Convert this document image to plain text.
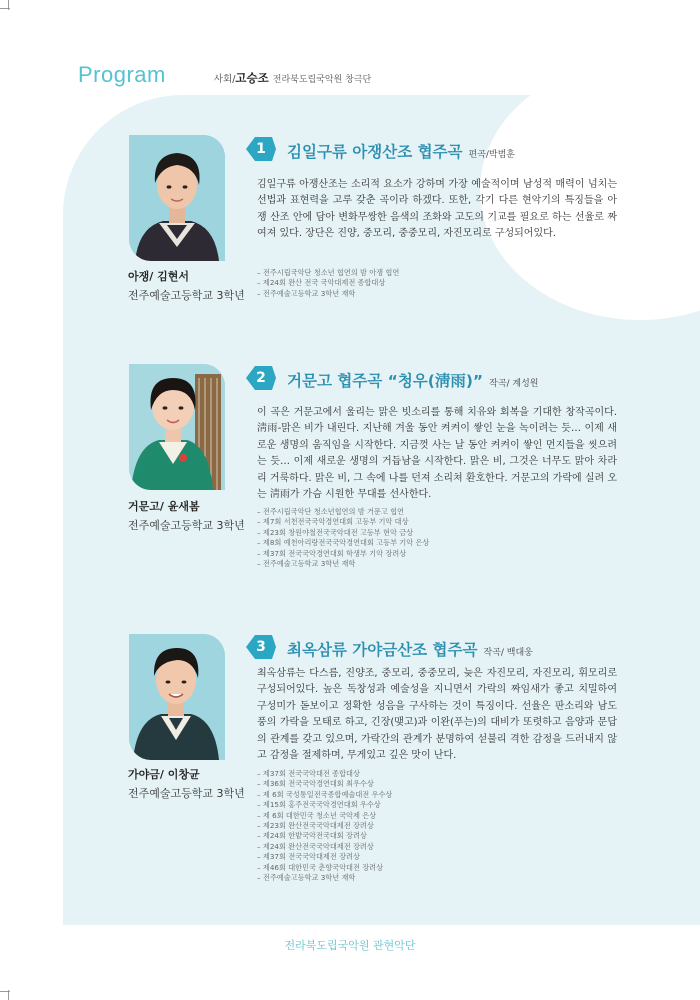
Program	사회/고승조 전라북도립국악원 창극단
아쟁/ 김현서
전주예술고등학교 3학년
1 김일구류 아쟁산조 협주곡 편곡/박범훈
김일구류 아쟁산조는 소리적 요소가 강하며 가장 예술적이며 남성적 매력이 넘치는 선법과 표현력을 고루 갖춘 곡이라 하겠다. 또한, 각기 다른 현악기의 특징들을 아쟁 산조 안에 담아 변화무쌍한 음색의 조화와 고도의 기교를 필요로 하는 선율로 짜여져 있다. 장단은 진양, 중모리, 중중모리, 자진모리로 구성되어있다.
– 전주시립국악단 청소년 협연의 밤 아쟁 협연
– 제24회 완산 전국 국악대제전 종합대상
– 전주예술고등학교 3학년 재학
거문고/ 윤새봄
전주예술고등학교 3학년
2 거문고 협주곡 “청우(淸雨)” 작곡/ 계성원
이 곡은 거문고에서 울리는 맑은 빗소리를 통해 치유와 회복을 기대한 창작곡이다. 淸雨-맑은 비가 내린다. 지난해 겨울 동안 켜켜이 쌓인 눈을 녹이려는 듯… 이제 새로운 생명의 움직임을 시작한다. 지금껏 사는 날 동안 켜켜이 쌓인 먼지들을 씻으려는 듯… 이제 새로운 생명의 거듭남을 시작한다. 맑은 비, 그것은 너무도 맑아 차라리 거룩하다. 맑은 비, 그 속에 나를 던져 소리쳐 환호한다. 거문고의 가락에 실려 오는 淸雨가 가슴 시원한 무대를 선사한다.
– 전주시립국악단 청소년협연의 밤 거문고 협연
– 제7회 서천전국국악경연대회 고등부 기악 대상
– 제23회 창원야철전국국악대전 고등부 현악 금상
– 제8회 예천아리랑전국국악경연대회 고등부 기악 은상
– 제37회 전국국악경연대회 학생부 기악 장려상
– 전주예술고등학교 3학년 재학
가야금/ 이창균
전주예술고등학교 3학년
3 최옥삼류 가야금산조 협주곡 작곡/ 백대웅
최옥삼류는 다스름, 진양조, 중모리, 중중모리, 늦은 자진모리, 자진모리, 휘모리로 구성되어있다. 높은 독창성과 예술성을 지니면서 가락의 짜임새가 좋고 치밀하여 구성미가 돋보이고 정확한 성음을 구사하는 것이 특징이다. 선율은 판소리와 남도풍의 가락을 모태로 하고, 긴장(맺고)과 이완(푸는)의 대비가 또렷하고 음양과 문답의 관계를 갖고 있으며, 가락간의 관계가 분명하여 섣불리 격한 감정을 드러내지 않고 감정을 절제하며, 무게있고 깊은 맛이 난다.
– 제37회 전국국악대전 종합대상
– 제36회 전국국악경연대회 최우수상
– 제 6회 국성통일전국종합예술대전 우수상
– 제15회 홍주전국국악경연대회 우수상
– 제 6회 대한민국 청소년 국악제 은상
– 제23회 완산전국국악대제전 장려상
– 제24회 한밭국악전국대회 장려상
– 제24회 완산전국국악대제전 장려상
– 제37회 전국국악대제전 장려상
– 제46회 대한민국 춘향국악대전 장려상
– 전주예술고등학교 3학년 재학
전라북도립국악원 관현악단
